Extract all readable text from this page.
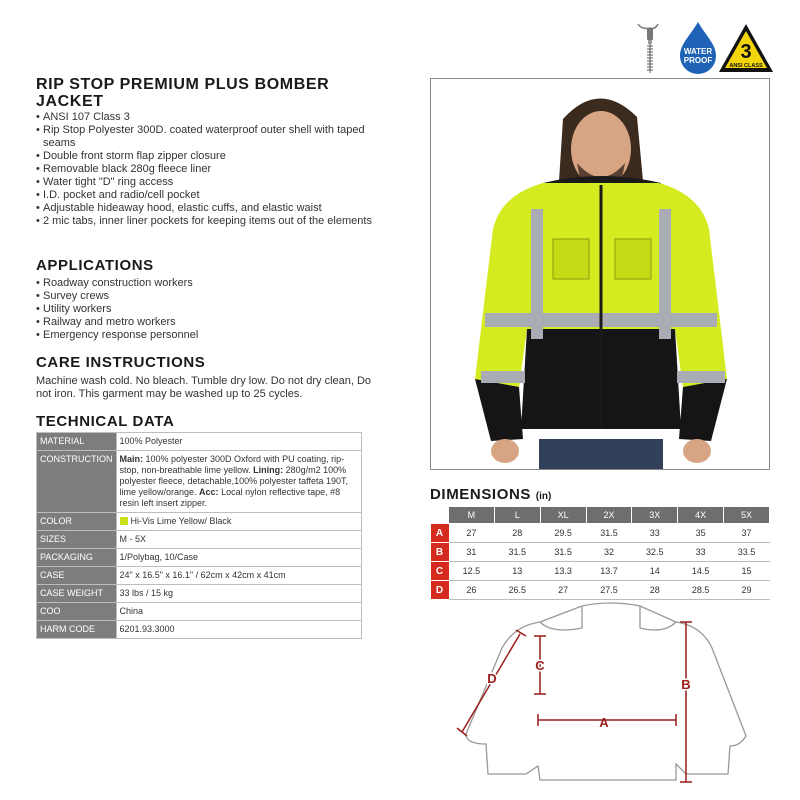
WATER
PROOF 3
ANSI CLASS
RIP STOP PREMIUM PLUS BOMBER JACKET
• ANSI 107 Class 3
• Rip Stop Polyester 300D. coated waterproof outer shell with taped seams
• Double front storm flap zipper closure
• Removable black 280g fleece liner
• Water tight "D" ring access
• I.D. pocket and radio/cell pocket
• Adjustable hideaway hood, elastic cuffs, and elastic waist
• 2 mic tabs, inner liner pockets for keeping items out of the elements
APPLICATIONS
• Roadway construction workers
• Survey crews
• Utility workers
• Railway and metro workers
• Emergency response personnel
CARE INSTRUCTIONS
Machine wash cold. No bleach. Tumble dry low. Do not dry clean, Do not iron. This garment may be washed up to 25 cycles.
TECHNICAL DATA
MATERIAL	100% Polyester
CONSTRUCTION	Main: 100% polyester 300D Oxford with PU coating, rip-stop, non-breathable lime yellow. Lining: 280g/m2 100% polyester fleece, detachable,100% polyester taffeta 190T, lime yellow/orange. Acc: Local nylon reflective tape, #8 resin left insert zipper.
COLOR	Hi-Vis Lime Yellow/ Black
SIZES	M - 5X
PACKAGING	1/Polybag, 10/Case
CASE	24" x 16.5" x 16.1" / 62cm x 42cm x 41cm
CASE WEIGHT	33 lbs / 15 kg
COO	China
HARM CODE	6201.93.3000
DIMENSIONS (in)
	M	L	XL	2X	3X	4X	5X
A	27	28	29.5	31.5	33	35	37
B	31	31.5	31.5	32	32.5	33	33.5
C	12.5	13	13.3	13.7	14	14.5	15
D	26	26.5	27	27.5	28	28.5	29
A
B
C
D
